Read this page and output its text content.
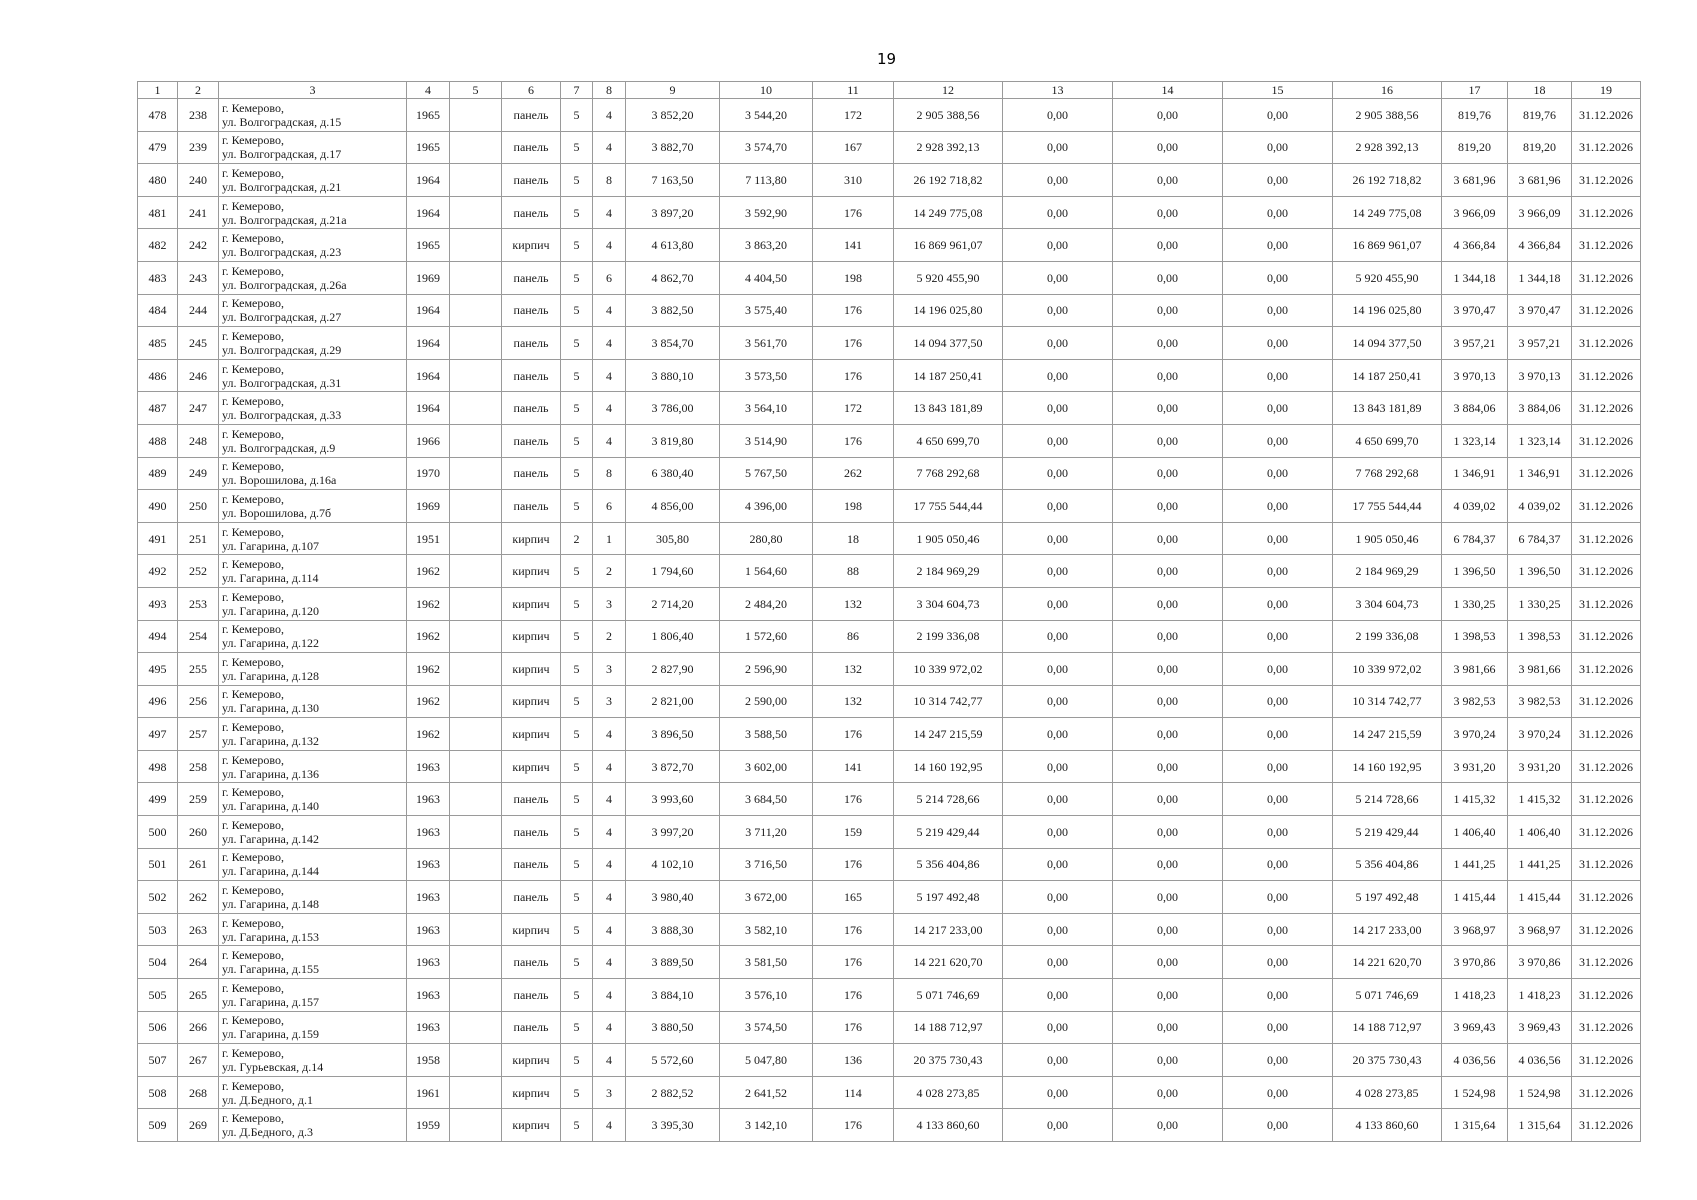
19
1	2	3	4	5	6	7	8	9	10	11	12	13	14	15	16	17	18	19
478	238	г. Кемерово,
ул. Волгоградская, д.15	1965		панель	5	4	3 852,20	3 544,20	172	2 905 388,56	0,00	0,00	0,00	2 905 388,56	819,76	819,76	31.12.2026
479	239	г. Кемерово,
ул. Волгоградская, д.17	1965		панель	5	4	3 882,70	3 574,70	167	2 928 392,13	0,00	0,00	0,00	2 928 392,13	819,20	819,20	31.12.2026
480	240	г. Кемерово,
ул. Волгоградская, д.21	1964		панель	5	8	7 163,50	7 113,80	310	26 192 718,82	0,00	0,00	0,00	26 192 718,82	3 681,96	3 681,96	31.12.2026
481	241	г. Кемерово,
ул. Волгоградская, д.21а	1964		панель	5	4	3 897,20	3 592,90	176	14 249 775,08	0,00	0,00	0,00	14 249 775,08	3 966,09	3 966,09	31.12.2026
482	242	г. Кемерово,
ул. Волгоградская, д.23	1965		кирпич	5	4	4 613,80	3 863,20	141	16 869 961,07	0,00	0,00	0,00	16 869 961,07	4 366,84	4 366,84	31.12.2026
483	243	г. Кемерово,
ул. Волгоградская, д.26а	1969		панель	5	6	4 862,70	4 404,50	198	5 920 455,90	0,00	0,00	0,00	5 920 455,90	1 344,18	1 344,18	31.12.2026
484	244	г. Кемерово,
ул. Волгоградская, д.27	1964		панель	5	4	3 882,50	3 575,40	176	14 196 025,80	0,00	0,00	0,00	14 196 025,80	3 970,47	3 970,47	31.12.2026
485	245	г. Кемерово,
ул. Волгоградская, д.29	1964		панель	5	4	3 854,70	3 561,70	176	14 094 377,50	0,00	0,00	0,00	14 094 377,50	3 957,21	3 957,21	31.12.2026
486	246	г. Кемерово,
ул. Волгоградская, д.31	1964		панель	5	4	3 880,10	3 573,50	176	14 187 250,41	0,00	0,00	0,00	14 187 250,41	3 970,13	3 970,13	31.12.2026
487	247	г. Кемерово,
ул. Волгоградская, д.33	1964		панель	5	4	3 786,00	3 564,10	172	13 843 181,89	0,00	0,00	0,00	13 843 181,89	3 884,06	3 884,06	31.12.2026
488	248	г. Кемерово,
ул. Волгоградская, д.9	1966		панель	5	4	3 819,80	3 514,90	176	4 650 699,70	0,00	0,00	0,00	4 650 699,70	1 323,14	1 323,14	31.12.2026
489	249	г. Кемерово,
ул. Ворошилова, д.16а	1970		панель	5	8	6 380,40	5 767,50	262	7 768 292,68	0,00	0,00	0,00	7 768 292,68	1 346,91	1 346,91	31.12.2026
490	250	г. Кемерово,
ул. Ворошилова, д.7б	1969		панель	5	6	4 856,00	4 396,00	198	17 755 544,44	0,00	0,00	0,00	17 755 544,44	4 039,02	4 039,02	31.12.2026
491	251	г. Кемерово,
ул. Гагарина, д.107	1951		кирпич	2	1	305,80	280,80	18	1 905 050,46	0,00	0,00	0,00	1 905 050,46	6 784,37	6 784,37	31.12.2026
492	252	г. Кемерово,
ул. Гагарина, д.114	1962		кирпич	5	2	1 794,60	1 564,60	88	2 184 969,29	0,00	0,00	0,00	2 184 969,29	1 396,50	1 396,50	31.12.2026
493	253	г. Кемерово,
ул. Гагарина, д.120	1962		кирпич	5	3	2 714,20	2 484,20	132	3 304 604,73	0,00	0,00	0,00	3 304 604,73	1 330,25	1 330,25	31.12.2026
494	254	г. Кемерово,
ул. Гагарина, д.122	1962		кирпич	5	2	1 806,40	1 572,60	86	2 199 336,08	0,00	0,00	0,00	2 199 336,08	1 398,53	1 398,53	31.12.2026
495	255	г. Кемерово,
ул. Гагарина, д.128	1962		кирпич	5	3	2 827,90	2 596,90	132	10 339 972,02	0,00	0,00	0,00	10 339 972,02	3 981,66	3 981,66	31.12.2026
496	256	г. Кемерово,
ул. Гагарина, д.130	1962		кирпич	5	3	2 821,00	2 590,00	132	10 314 742,77	0,00	0,00	0,00	10 314 742,77	3 982,53	3 982,53	31.12.2026
497	257	г. Кемерово,
ул. Гагарина, д.132	1962		кирпич	5	4	3 896,50	3 588,50	176	14 247 215,59	0,00	0,00	0,00	14 247 215,59	3 970,24	3 970,24	31.12.2026
498	258	г. Кемерово,
ул. Гагарина, д.136	1963		кирпич	5	4	3 872,70	3 602,00	141	14 160 192,95	0,00	0,00	0,00	14 160 192,95	3 931,20	3 931,20	31.12.2026
499	259	г. Кемерово,
ул. Гагарина, д.140	1963		панель	5	4	3 993,60	3 684,50	176	5 214 728,66	0,00	0,00	0,00	5 214 728,66	1 415,32	1 415,32	31.12.2026
500	260	г. Кемерово,
ул. Гагарина, д.142	1963		панель	5	4	3 997,20	3 711,20	159	5 219 429,44	0,00	0,00	0,00	5 219 429,44	1 406,40	1 406,40	31.12.2026
501	261	г. Кемерово,
ул. Гагарина, д.144	1963		панель	5	4	4 102,10	3 716,50	176	5 356 404,86	0,00	0,00	0,00	5 356 404,86	1 441,25	1 441,25	31.12.2026
502	262	г. Кемерово,
ул. Гагарина, д.148	1963		панель	5	4	3 980,40	3 672,00	165	5 197 492,48	0,00	0,00	0,00	5 197 492,48	1 415,44	1 415,44	31.12.2026
503	263	г. Кемерово,
ул. Гагарина, д.153	1963		кирпич	5	4	3 888,30	3 582,10	176	14 217 233,00	0,00	0,00	0,00	14 217 233,00	3 968,97	3 968,97	31.12.2026
504	264	г. Кемерово,
ул. Гагарина, д.155	1963		панель	5	4	3 889,50	3 581,50	176	14 221 620,70	0,00	0,00	0,00	14 221 620,70	3 970,86	3 970,86	31.12.2026
505	265	г. Кемерово,
ул. Гагарина, д.157	1963		панель	5	4	3 884,10	3 576,10	176	5 071 746,69	0,00	0,00	0,00	5 071 746,69	1 418,23	1 418,23	31.12.2026
506	266	г. Кемерово,
ул. Гагарина, д.159	1963		панель	5	4	3 880,50	3 574,50	176	14 188 712,97	0,00	0,00	0,00	14 188 712,97	3 969,43	3 969,43	31.12.2026
507	267	г. Кемерово,
ул. Гурьевская, д.14	1958		кирпич	5	4	5 572,60	5 047,80	136	20 375 730,43	0,00	0,00	0,00	20 375 730,43	4 036,56	4 036,56	31.12.2026
508	268	г. Кемерово,
ул. Д.Бедного, д.1	1961		кирпич	5	3	2 882,52	2 641,52	114	4 028 273,85	0,00	0,00	0,00	4 028 273,85	1 524,98	1 524,98	31.12.2026
509	269	г. Кемерово,
ул. Д.Бедного, д.3	1959		кирпич	5	4	3 395,30	3 142,10	176	4 133 860,60	0,00	0,00	0,00	4 133 860,60	1 315,64	1 315,64	31.12.2026
